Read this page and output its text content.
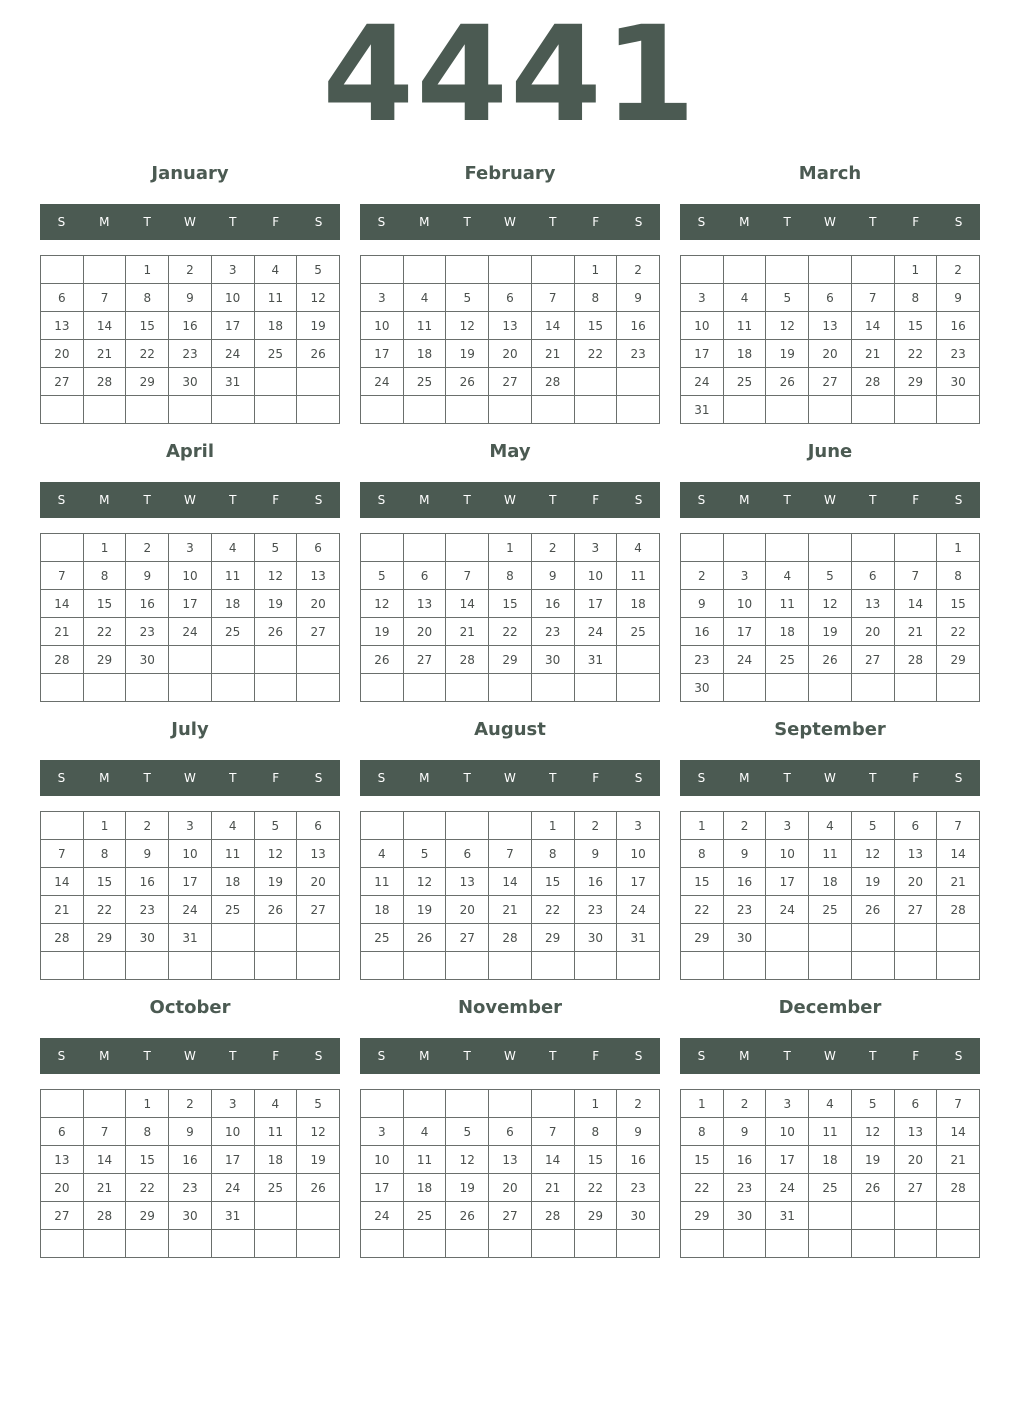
4441
January
S	M	T	W	T	F	S
		1	2	3	4	5
6	7	8	9	10	11	12
13	14	15	16	17	18	19
20	21	22	23	24	25	26
27	28	29	30	31		

February
S	M	T	W	T	F	S
					1	2
3	4	5	6	7	8	9
10	11	12	13	14	15	16
17	18	19	20	21	22	23
24	25	26	27	28		

March
S	M	T	W	T	F	S
					1	2
3	4	5	6	7	8	9
10	11	12	13	14	15	16
17	18	19	20	21	22	23
24	25	26	27	28	29	30
31						
April
S	M	T	W	T	F	S
	1	2	3	4	5	6
7	8	9	10	11	12	13
14	15	16	17	18	19	20
21	22	23	24	25	26	27
28	29	30				

May
S	M	T	W	T	F	S
			1	2	3	4
5	6	7	8	9	10	11
12	13	14	15	16	17	18
19	20	21	22	23	24	25
26	27	28	29	30	31	

June
S	M	T	W	T	F	S
						1
2	3	4	5	6	7	8
9	10	11	12	13	14	15
16	17	18	19	20	21	22
23	24	25	26	27	28	29
30						
July
S	M	T	W	T	F	S
	1	2	3	4	5	6
7	8	9	10	11	12	13
14	15	16	17	18	19	20
21	22	23	24	25	26	27
28	29	30	31			

August
S	M	T	W	T	F	S
				1	2	3
4	5	6	7	8	9	10
11	12	13	14	15	16	17
18	19	20	21	22	23	24
25	26	27	28	29	30	31

September
S	M	T	W	T	F	S
1	2	3	4	5	6	7
8	9	10	11	12	13	14
15	16	17	18	19	20	21
22	23	24	25	26	27	28
29	30					

October
S	M	T	W	T	F	S
		1	2	3	4	5
6	7	8	9	10	11	12
13	14	15	16	17	18	19
20	21	22	23	24	25	26
27	28	29	30	31		

November
S	M	T	W	T	F	S
					1	2
3	4	5	6	7	8	9
10	11	12	13	14	15	16
17	18	19	20	21	22	23
24	25	26	27	28	29	30

December
S	M	T	W	T	F	S
1	2	3	4	5	6	7
8	9	10	11	12	13	14
15	16	17	18	19	20	21
22	23	24	25	26	27	28
29	30	31				
